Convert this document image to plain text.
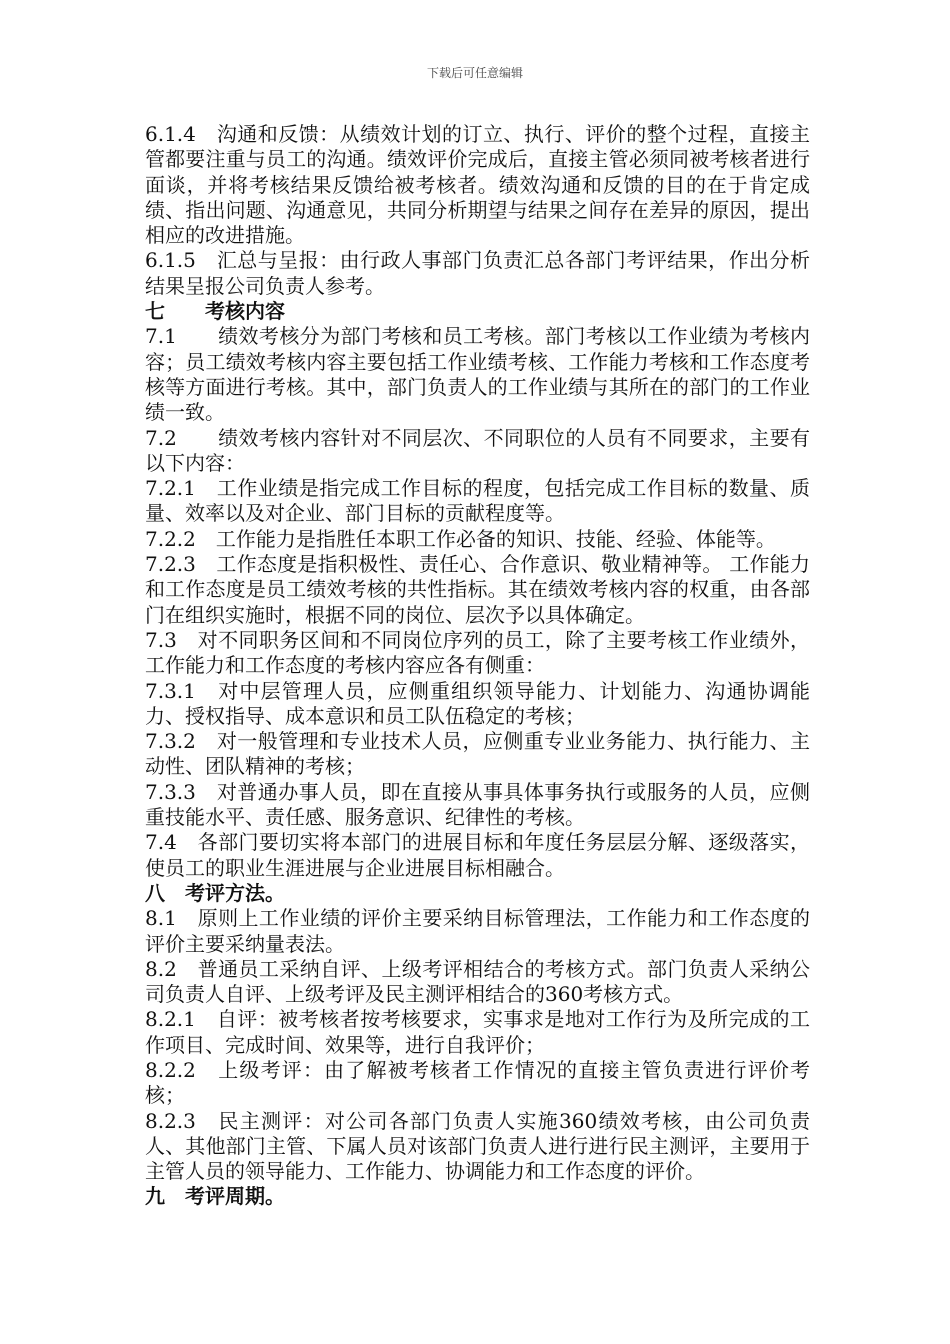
下载后可任意编辑

6.1.4　沟通和反馈：从绩效计划的订立、执行、评价的整个过程，直接主管都要注重与员工的沟通。绩效评价完成后，直接主管必须同被考核者进行面谈，并将考核结果反馈给被考核者。绩效沟通和反馈的目的在于肯定成绩、指出问题、沟通意见，共同分析期望与结果之间存在差异的原因，提出相应的改进措施。

6.1.5　汇总与呈报：由行政人事部门负责汇总各部门考评结果，作出分析结果呈报公司负责人参考。

七　　考核内容

7.1　　绩效考核分为部门考核和员工考核。部门考核以工作业绩为考核内容；员工绩效考核内容主要包括工作业绩考核、工作能力考核和工作态度考核等方面进行考核。其中，部门负责人的工作业绩与其所在的部门的工作业绩一致。

7.2　　绩效考核内容针对不同层次、不同职位的人员有不同要求，主要有以下内容：

7.2.1　工作业绩是指完成工作目标的程度，包括完成工作目标的数量、质量、效率以及对企业、部门目标的贡献程度等。

7.2.2　工作能力是指胜任本职工作必备的知识、技能、经验、体能等。

7.2.3　工作态度是指积极性、责任心、合作意识、敬业精神等。 工作能力和工作态度是员工绩效考核的共性指标。其在绩效考核内容的权重，由各部门在组织实施时，根据不同的岗位、层次予以具体确定。

7.3　对不同职务区间和不同岗位序列的员工，除了主要考核工作业绩外，工作能力和工作态度的考核内容应各有侧重：

7.3.1　对中层管理人员，应侧重组织领导能力、计划能力、沟通协调能力、授权指导、成本意识和员工队伍稳定的考核；

7.3.2　对一般管理和专业技术人员，应侧重专业业务能力、执行能力、主动性、团队精神的考核；

7.3.3　对普通办事人员，即在直接从事具体事务执行或服务的人员，应侧重技能水平、责任感、服务意识、纪律性的考核。

7.4　各部门要切实将本部门的进展目标和年度任务层层分解、逐级落实，使员工的职业生涯进展与企业进展目标相融合。

八　考评方法。

8.1　原则上工作业绩的评价主要采纳目标管理法，工作能力和工作态度的评价主要采纳量表法。

8.2　普通员工采纳自评、上级考评相结合的考核方式。部门负责人采纳公司负责人自评、上级考评及民主测评相结合的360考核方式。

8.2.1　自评：被考核者按考核要求，实事求是地对工作行为及所完成的工作项目、完成时间、效果等，进行自我评价；

8.2.2　上级考评：由了解被考核者工作情况的直接主管负责进行评价考核；

8.2.3　民主测评：对公司各部门负责人实施360绩效考核，由公司负责人、其他部门主管、下属人员对该部门负责人进行进行民主测评，主要用于主管人员的领导能力、工作能力、协调能力和工作态度的评价。

九　考评周期。
